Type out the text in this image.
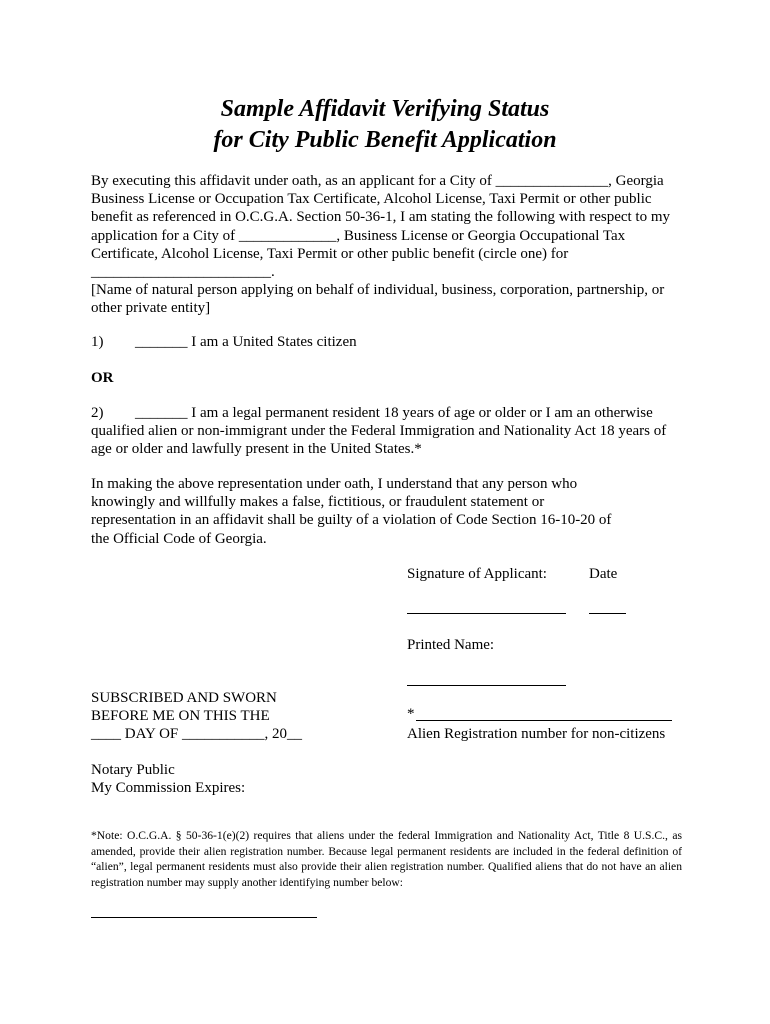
Sample Affidavit Verifying Status
for City Public Benefit Application
By executing this affidavit under oath, as an applicant for a City of _______________, Georgia
Business License or Occupation Tax Certificate, Alcohol License, Taxi Permit or other public
benefit as referenced in O.C.G.A. Section 50-36-1, I am stating the following with respect to my
application for a City of _____________, Business License or Georgia Occupational Tax
Certificate, Alcohol License, Taxi Permit or other public benefit (circle one) for
________________________.
[Name of natural person applying on behalf of individual, business, corporation, partnership, or
other private entity]
1) _______ I am a United States citizen
OR
2) _______ I am a legal permanent resident 18 years of age or older or I am an otherwise
qualified alien or non-immigrant under the Federal Immigration and Nationality Act 18 years of
age or older and lawfully present in the United States.*
In making the above representation under oath, I understand that any person who
knowingly and willfully makes a false, fictitious, or fraudulent statement or
representation in an affidavit shall be guilty of a violation of Code Section 16-10-20 of
the Official Code of Georgia.
Signature of Applicant:	Date
Printed Name:
SUBSCRIBED AND SWORN
BEFORE ME ON THIS THE
____ DAY OF ___________, 20__
*
Alien Registration number for non-citizens
Notary Public
My Commission Expires:
*Note: O.C.G.A. § 50-36-1(e)(2) requires that aliens under the federal Immigration and Nationality Act, Title 8 U.S.C., as amended, provide their alien registration number. Because legal permanent residents are included in the federal definition of “alien”, legal permanent residents must also provide their alien registration number. Qualified aliens that do not have an alien registration number may supply another identifying number below:
